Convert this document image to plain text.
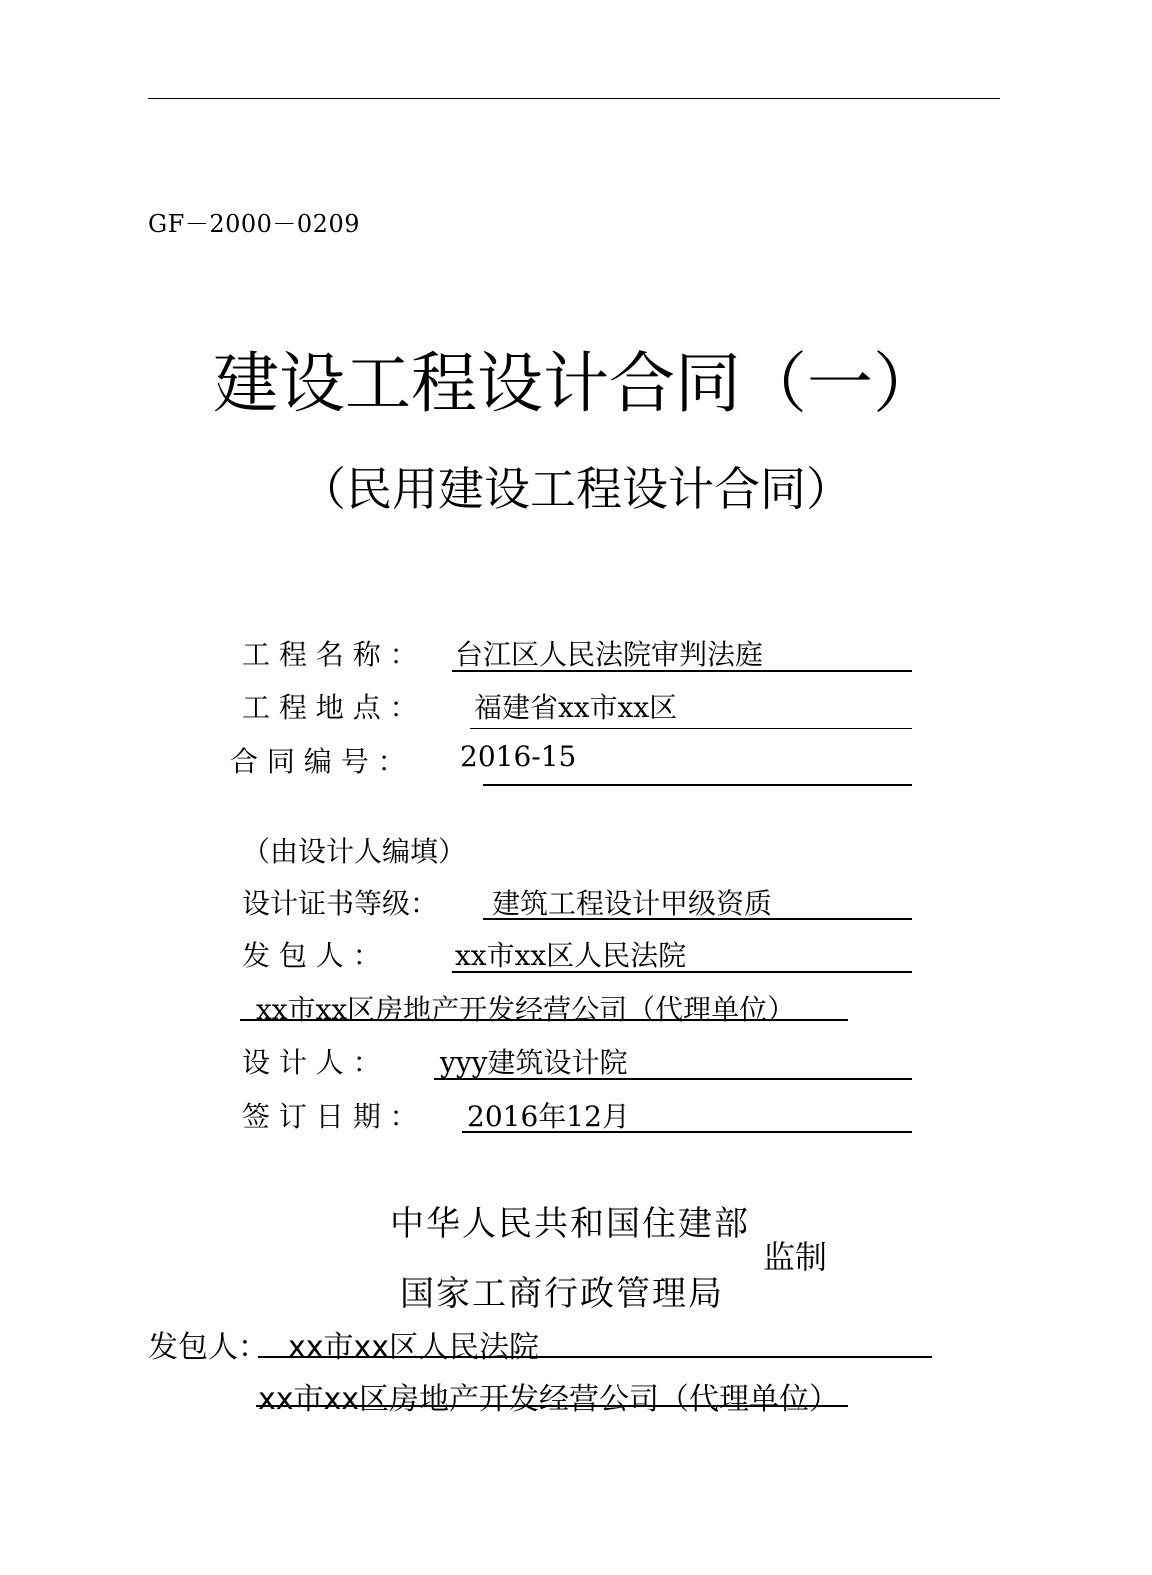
GF－2000－0209
建设工程设计合同（一）
（民用建设工程设计合同）
工 程 名 称 ： 台江区人民法院审判法庭
工 程 地 点 ： 福建省xx市xx区
合 同 编 号 ： 2016-15
（由设计人编填）
设计证书等级： 建筑工程设计甲级资质
发 包 人 ：	xx市xx区人民法院
xx市xx区房地产开发经营公司（代理单位）
设 计 人 ： yyy建筑设计院
签 订 日 期 ： 2016年12月
中华人民共和国住建部
国家工商行政管理局
监制
发包人： xx市xx区人民法院
xx市xx区房地产开发经营公司（代理单位）
